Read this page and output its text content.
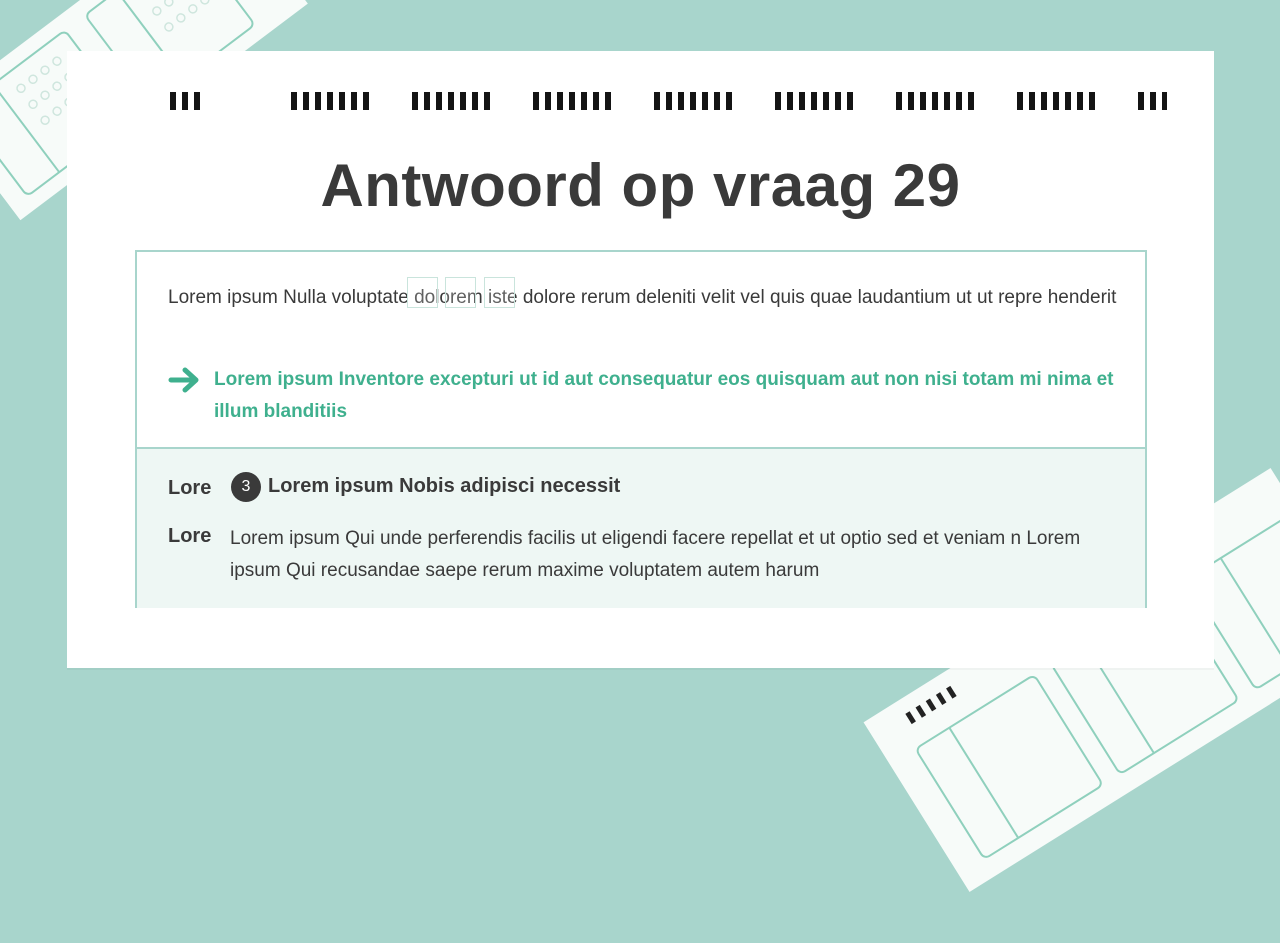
Antwoord op vraag 29
Lorem ipsum Nulla voluptate dolorem iste dolore rerum deleniti velit vel quis quae laudantium ut ut repre henderit
Lorem ipsum Inventore excepturi ut id aut consequatur eos quisquam aut non nisi totam mi nima et illum blanditiis
Lore	3 Lorem ipsum Nobis adipisci necessit
Lore Lorem ipsum Qui unde perferendis facilis ut eligendi facere repellat et ut optio sed et veniam n Lorem ipsum Qui recusandae saepe rerum maxime voluptatem autem harum
